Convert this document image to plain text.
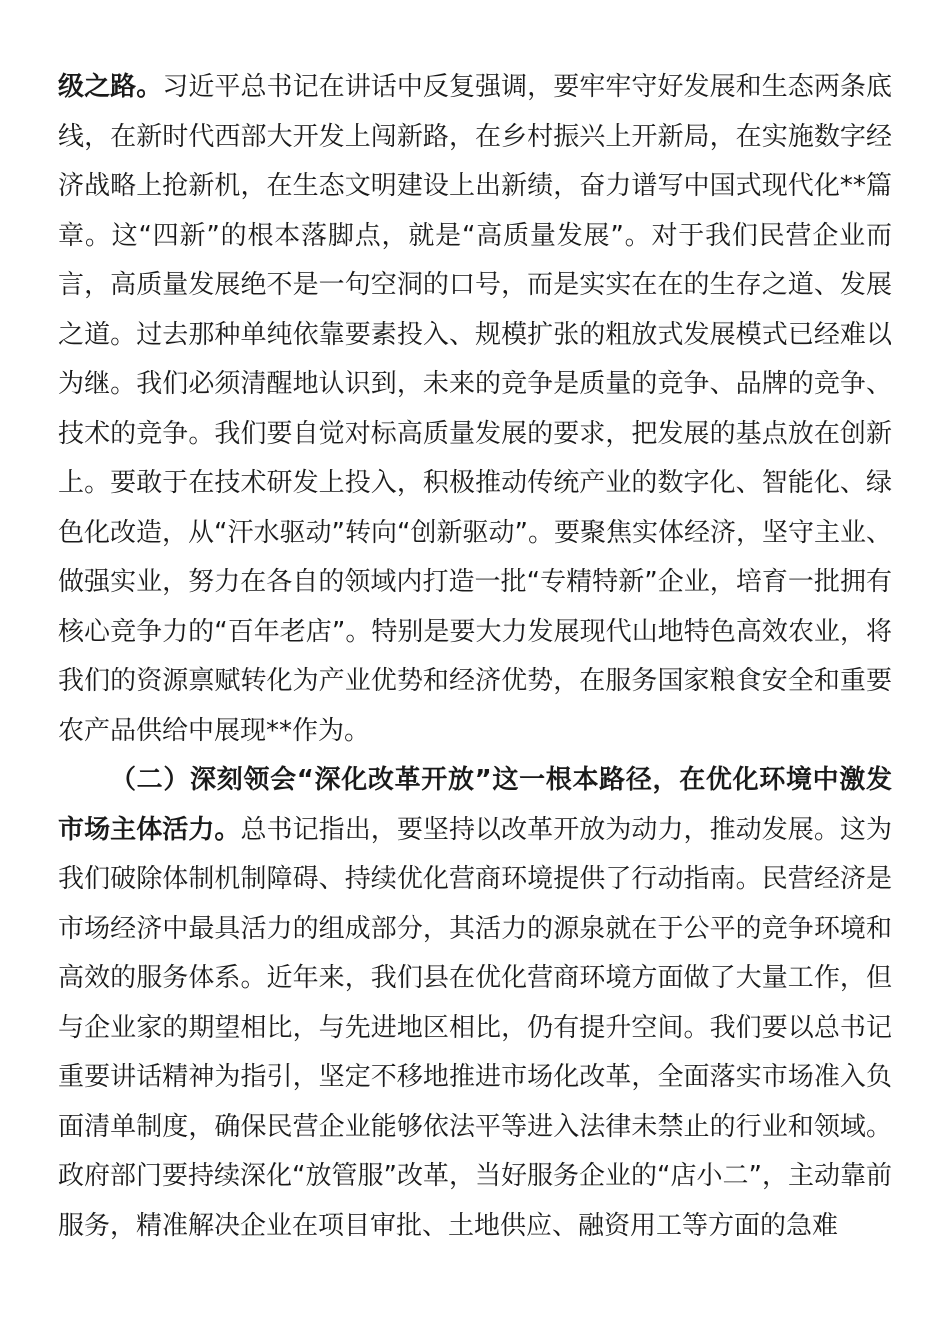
级之路。习近平总书记在讲话中反复强调，要牢牢守好发展和生态两条底线，在新时代西部大开发上闯新路，在乡村振兴上开新局，在实施数字经济战略上抢新机，在生态文明建设上出新绩，奋力谱写中国式现代化**篇章。这“四新”的根本落脚点，就是“高质量发展”。对于我们民营企业而言，高质量发展绝不是一句空洞的口号，而是实实在在的生存之道、发展之道。过去那种单纯依靠要素投入、规模扩张的粗放式发展模式已经难以为继。我们必须清醒地认识到，未来的竞争是质量的竞争、品牌的竞争、技术的竞争。我们要自觉对标高质量发展的要求，把发展的基点放在创新上。要敢于在技术研发上投入，积极推动传统产业的数字化、智能化、绿色化改造，从“汗水驱动”转向“创新驱动”。要聚焦实体经济，坚守主业、做强实业，努力在各自的领域内打造一批“专精特新”企业，培育一批拥有核心竞争力的“百年老店”。特别是要大力发展现代山地特色高效农业，将我们的资源禀赋转化为产业优势和经济优势，在服务国家粮食安全和重要农产品供给中展现**作为。

（二）深刻领会“深化改革开放”这一根本路径，在优化环境中激发市场主体活力。总书记指出，要坚持以改革开放为动力，推动发展。这为我们破除体制机制障碍、持续优化营商环境提供了行动指南。民营经济是市场经济中最具活力的组成部分，其活力的源泉就在于公平的竞争环境和高效的服务体系。近年来，我们县在优化营商环境方面做了大量工作，但与企业家的期望相比，与先进地区相比，仍有提升空间。我们要以总书记重要讲话精神为指引，坚定不移地推进市场化改革，全面落实市场准入负面清单制度，确保民营企业能够依法平等进入法律未禁止的行业和领域。政府部门要持续深化“放管服”改革，当好服务企业的“店小二”，主动靠前服务，精准解决企业在项目审批、土地供应、融资用工等方面的急难
